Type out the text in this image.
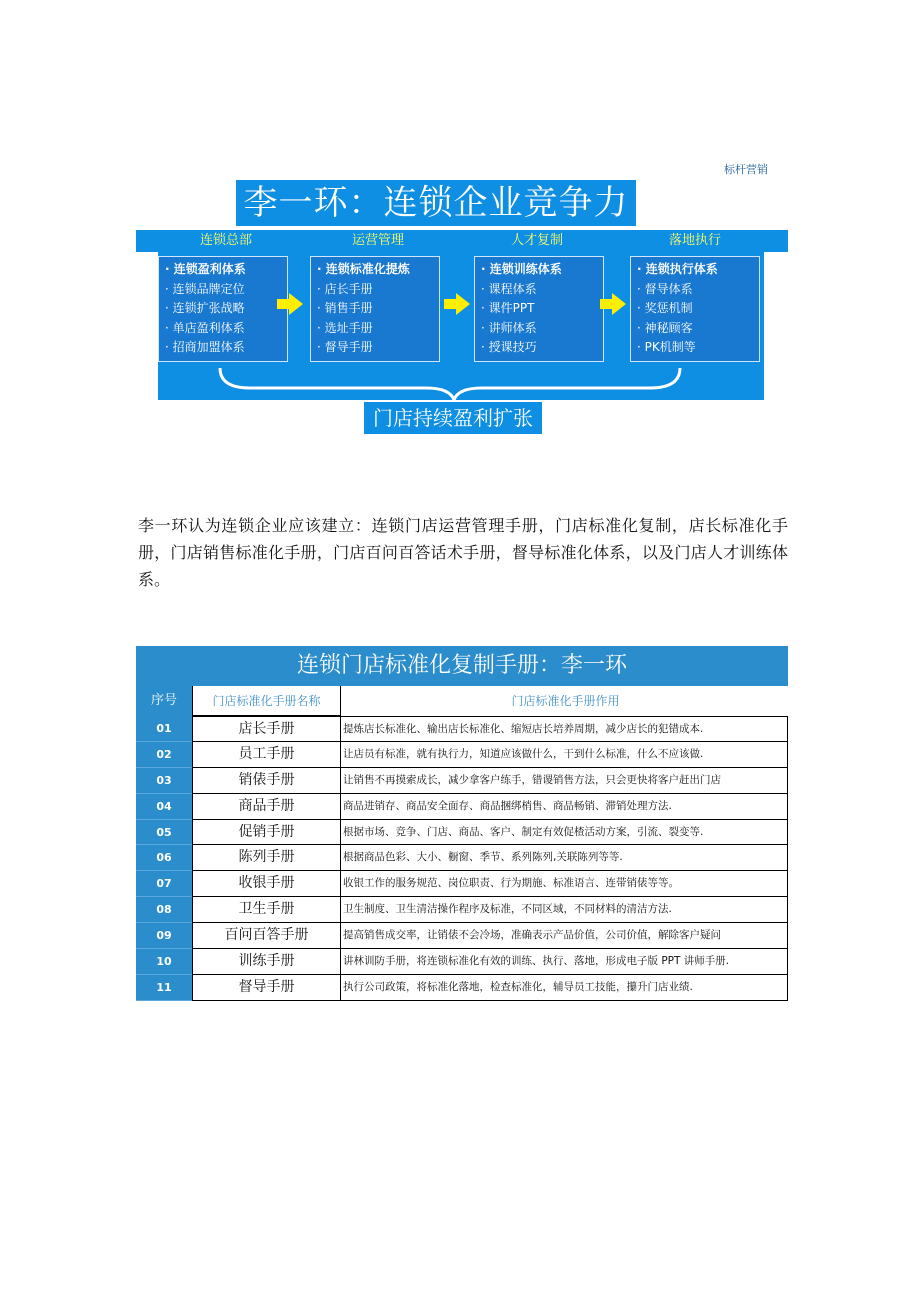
标杆营销
李一环：连锁企业竞争力
连锁总部	运营管理	人才复制	落地执行
· 连锁盈利体系
· 连锁品牌定位
· 连锁扩张战略
· 单店盈利体系
· 招商加盟体系
· 连锁标准化提炼
· 店长手册
· 销售手册
· 选址手册
· 督导手册
· 连锁训练体系
· 课程体系
· 课件PPT
· 讲师体系
· 授课技巧
· 连锁执行体系
· 督导体系
· 奖惩机制
· 神秘顾客
· PK机制等
门店持续盈利扩张
李一环认为连锁企业应该建立：连锁门店运营管理手册，门店标准化复制，店长标准化手册，门店销售标准化手册，门店百问百答话术手册，督导标准化体系，以及门店人才训练体系。
连锁门店标准化复制手册：李一环
序号	门店标准化手册名称	门店标准化手册作用
01	店长手册	提炼店长标准化、输出店长标准化、缩短店长培养周期，减少店长的犯错成本.
02	员工手册	让店员有标准，就有执行力，知道应该做什么，干到什么标准，什么不应该做.
03	销俵手册	让销售不再摸索成长，减少拿客户练手，错谡销售方法，只会更快将客户赶出门店
04	商品手册	商品进销存、商品安全面存、商品捆绑梢售、商品畅销、滞销处理方法.
05	促销手册	根据市场、竞争、门店、商品、客户、制定有效促楂活动方案，引流、裂变等.
06	陈列手册	根据商品色彩、大小、橱窗、季节、系列陈列,关联陈列等等.
07	收银手册	收银工作的服务规范、岗位职责、行为期施、标准语言、连带销俵等等。
08	卫生手册	卫生制度、卫生清洁操作程序及标准，不同区域，不同材料的清洁方法.
09	百问百答手册	提高销售成交率，让销俵不会冷场，准确表示产品价值，公司价值，解除客户疑问
10	训练手册	讲林训防手册，将连锁标准化有效的训练、执行、落地，形成电子版 PPT 讲师手册.
11	督导手册	执行公司政策，将标准化落地，检查标准化，辅导员工技能，攥升门店业绩.
